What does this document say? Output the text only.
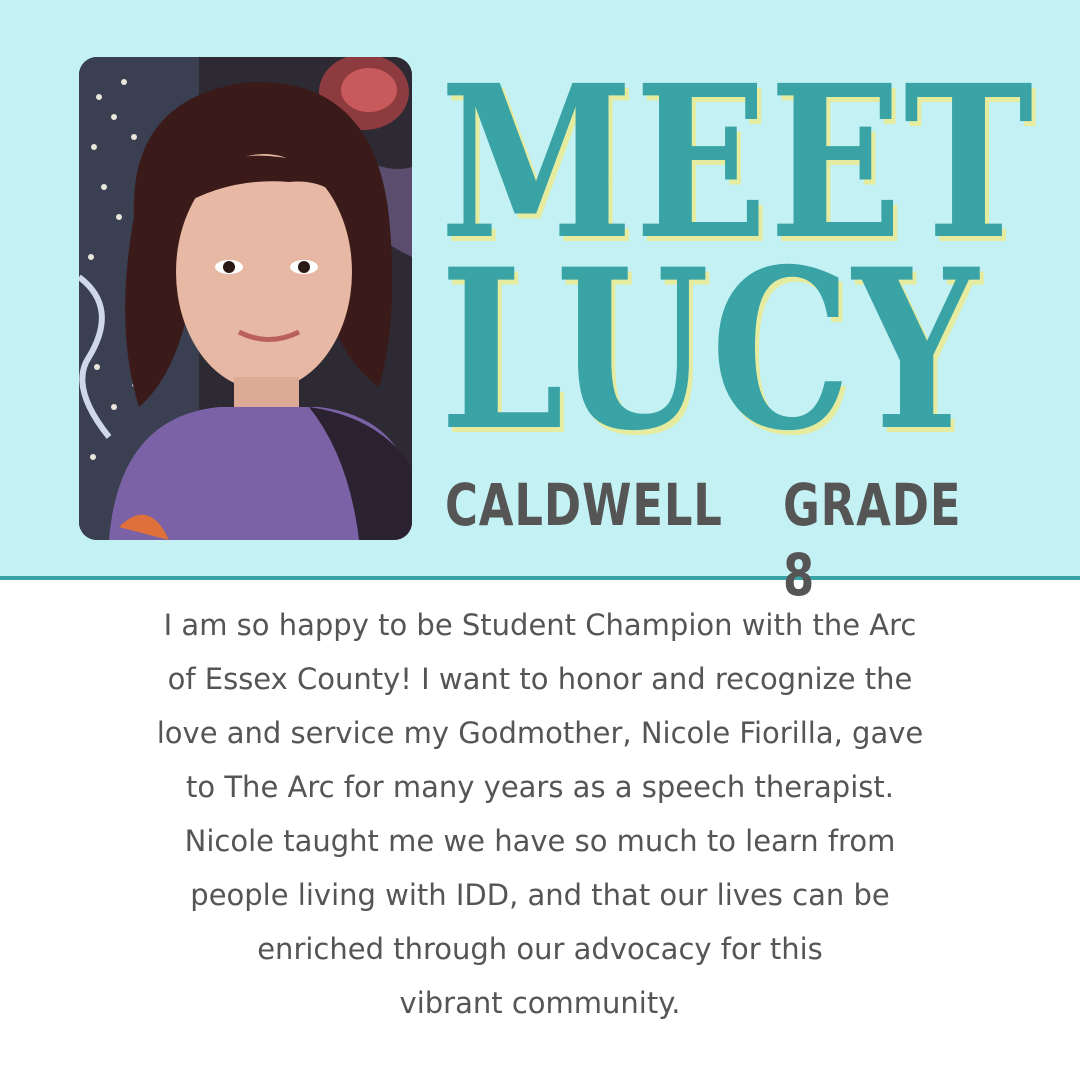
MEET
LUCY
CALDWELL GRADE 8

I am so happy to be Student Champion with the Arc
of Essex County! I want to honor and recognize the
love and service my Godmother, Nicole Fiorilla, gave
to The Arc for many years as a speech therapist.
Nicole taught me we have so much to learn from
people living with IDD, and that our lives can be
enriched through our advocacy for this
vibrant community.
